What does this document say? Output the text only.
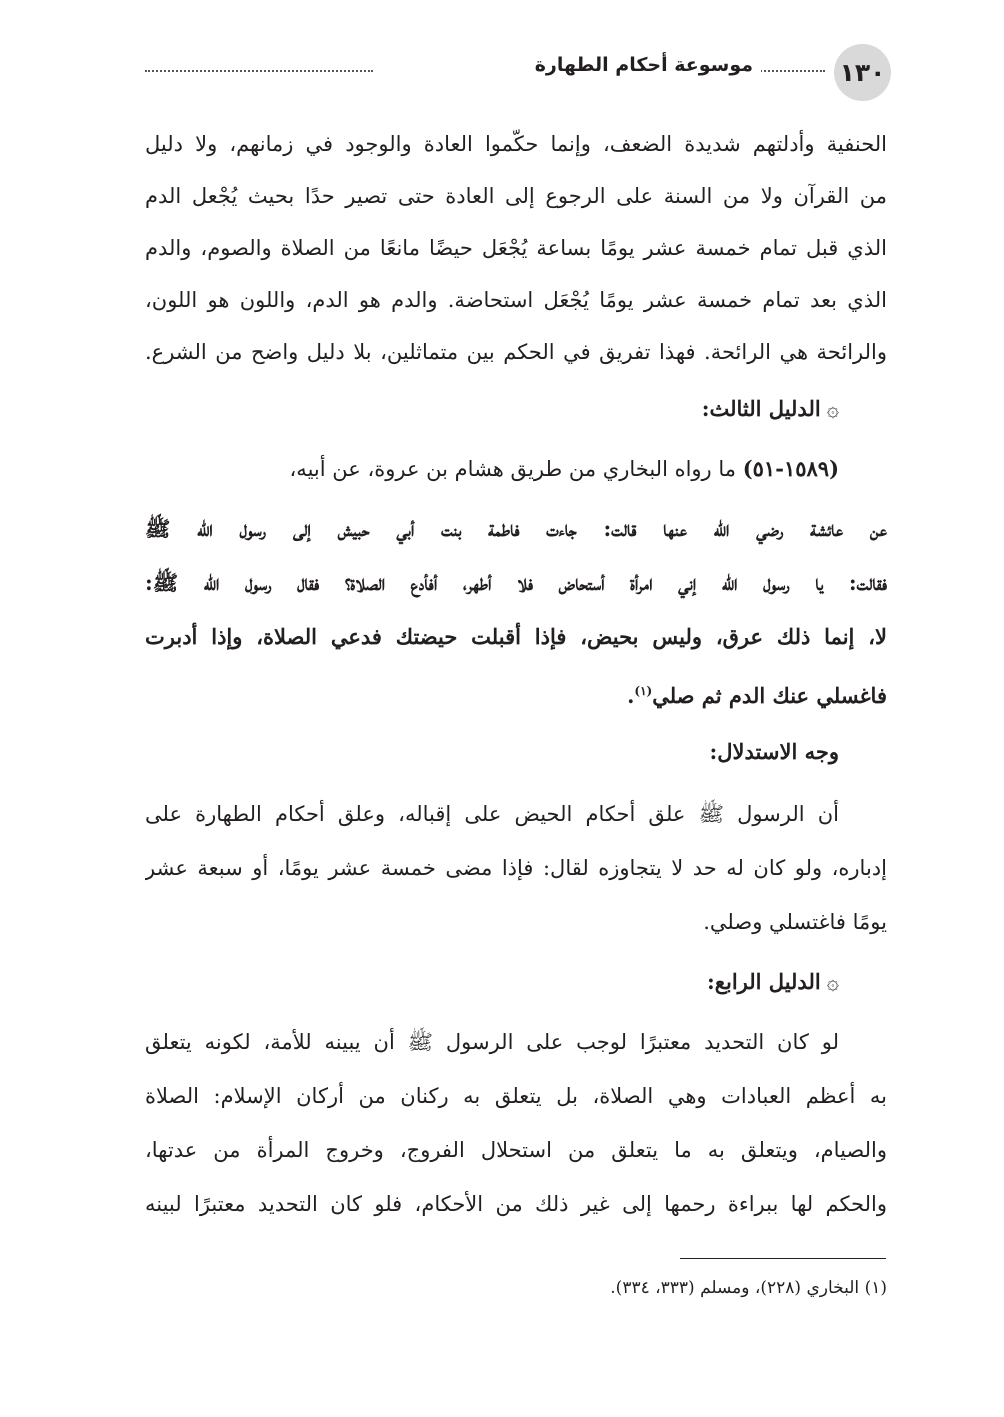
١٣٠
موسوعة أحكام الطهارة
الحنفية وأدلتهم شديدة الضعف، وإنما حكّموا العادة والوجود في زمانهم، ولا دليل
من القرآن ولا من السنة على الرجوع إلى العادة حتى تصير حدًا بحيث يُجْعل الدم
الذي قبل تمام خمسة عشر يومًا بساعة يُجْعَل حيضًا مانعًا من الصلاة والصوم، والدم
الذي بعد تمام خمسة عشر يومًا يُجْعَل استحاضة. والدم هو الدم، واللون هو اللون،
والرائحة هي الرائحة. فهذا تفريق في الحكم بين متماثلين، بلا دليل واضح من الشرع.
۞الدليل الثالث:
(١٥٨٩-٥١) ما رواه البخاري من طريق هشام بن عروة، عن أبيه،
عن عائشة رضي الله عنها قالت: جاءت فاطمة بنت أبي حبيش إلى رسول الله ﷺ
فقالت: يا رسول الله إني امرأة أستحاض فلا أطهر، أفأدع الصلاة؟ فقال رسول الله ﷺ:
لا، إنما ذلك عرق، وليس بحيض، فإذا أقبلت حيضتك فدعي الصلاة، وإذا أدبرت
فاغسلي عنك الدم ثم صلي$^{(١)}$.
وجه الاستدلال:
أن الرسول ﷺ علق أحكام الحيض على إقباله، وعلق أحكام الطهارة على
إدباره، ولو كان له حد لا يتجاوزه لقال: فإذا مضى خمسة عشر يومًا، أو سبعة عشر
يومًا فاغتسلي وصلي.
۞الدليل الرابع:
لو كان التحديد معتبرًا لوجب على الرسول ﷺ أن يبينه للأمة، لكونه يتعلق
به أعظم العبادات وهي الصلاة، بل يتعلق به ركنان من أركان الإسلام: الصلاة
والصيام، ويتعلق به ما يتعلق من استحلال الفروج، وخروج المرأة من عدتها،
والحكم لها ببراءة رحمها إلى غير ذلك من الأحكام، فلو كان التحديد معتبرًا لبينه
(١) البخاري (٢٢٨)، ومسلم (٣٣٣، ٣٣٤).
